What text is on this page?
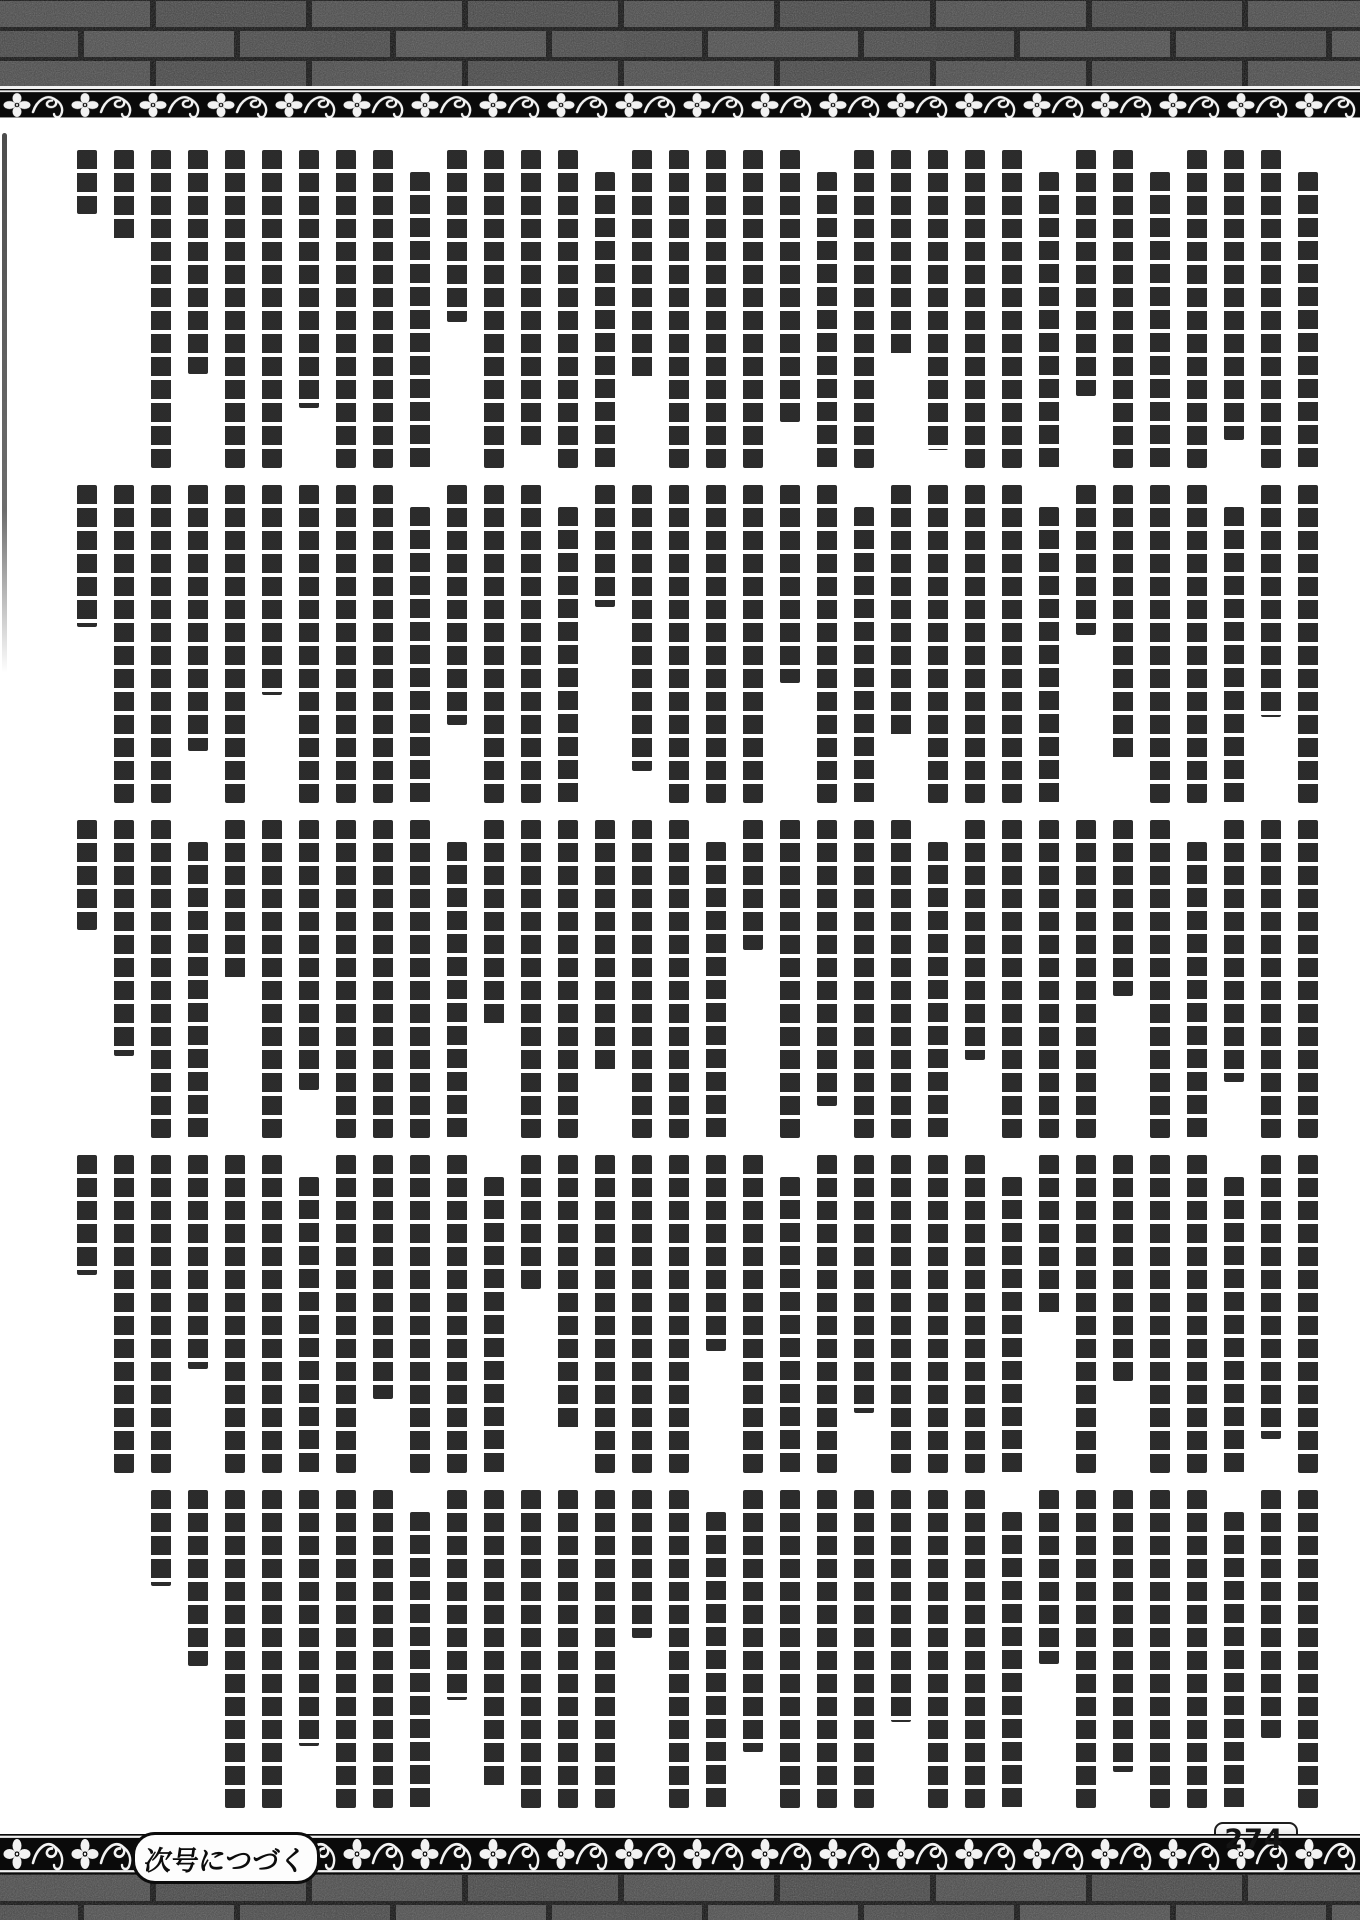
274
次号につづく
